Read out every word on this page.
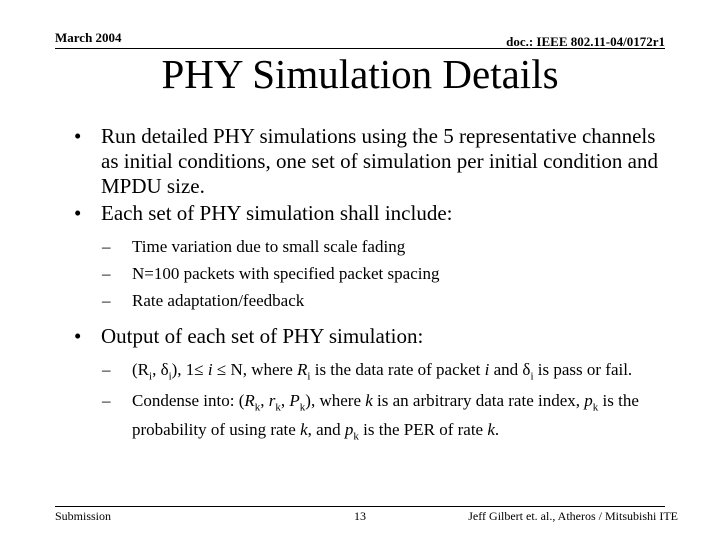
March 2004	doc.: IEEE 802.11-04/0172r1
PHY Simulation Details
• Run detailed PHY simulations using the 5 representative channels as initial conditions, one set of simulation per initial condition and MPDU size.
• Each set of PHY simulation shall include:
– Time variation due to small scale fading
– N=100 packets with specified packet spacing
– Rate adaptation/feedback
• Output of each set of PHY simulation:
– ($R_i$, $\delta_i$), 1≤ i ≤ N, where $R_i$ is the data rate of packet i and $\delta_i$ is pass or fail.
– Condense into: ($R_k$, $r_k$, $P_k$), where k is an arbitrary data rate index, $p_k$ is the probability of using rate k, and $p_k$ is the PER of rate k.
Submission	13	Jeff Gilbert et. al., Atheros / Mitsubishi ITE
